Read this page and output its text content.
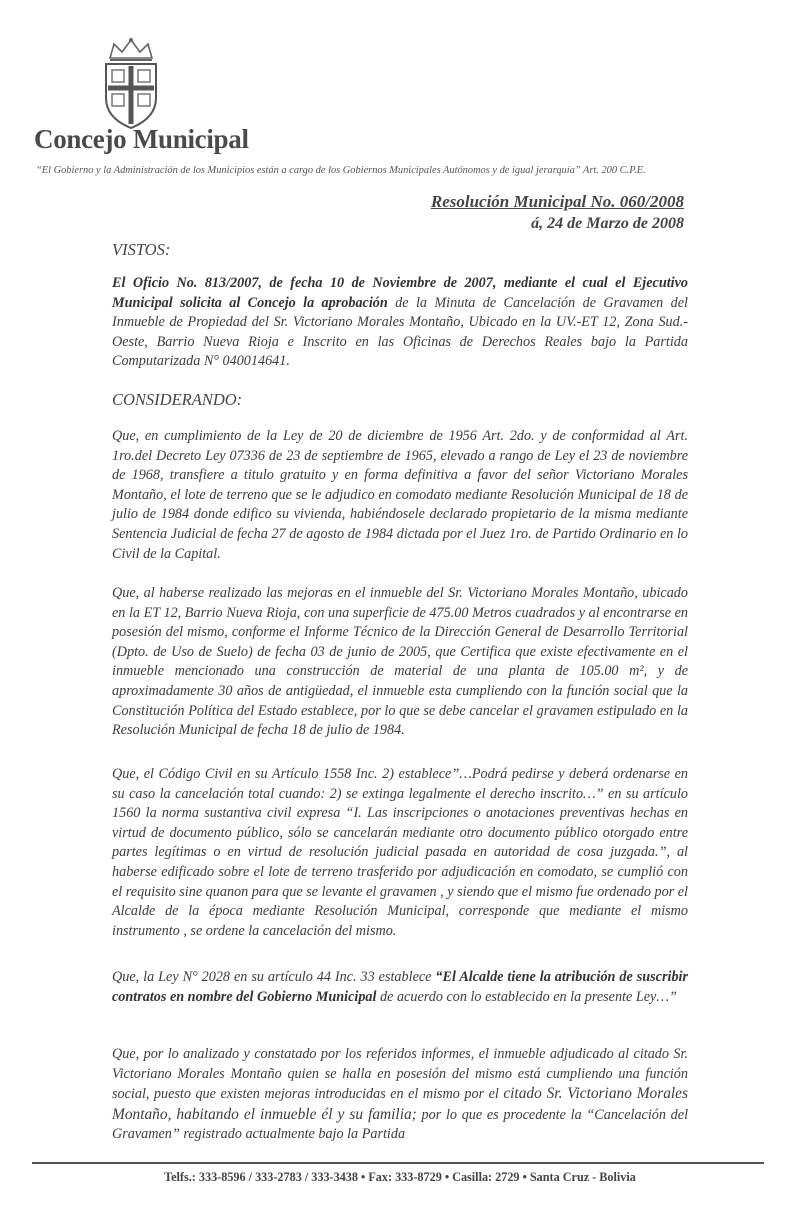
Concejo Municipal

“El Gobierno y la Administración de los Municipios están a cargo de los Gobiernos Municipales Autónomos y de igual jerarquía” Art. 200 C.P.E.

Resolución Municipal No. 060/2008

á, 24 de Marzo de 2008

VISTOS:

El Oficio No. 813/2007, de fecha 10 de Noviembre de 2007, mediante el cual el Ejecutivo Municipal solicita al Concejo la aprobación de la Minuta de Cancelación de Gravamen del Inmueble de Propiedad del Sr. Victoriano Morales Montaño, Ubicado en la UV.-ET 12, Zona Sud.- Oeste, Barrio Nueva Rioja e Inscrito en las Oficinas de Derechos Reales bajo la Partida Computarizada N° 040014641.

CONSIDERANDO:

Que, en cumplimiento de la Ley de 20 de diciembre de 1956 Art. 2do. y de conformidad al Art. 1ro.del Decreto Ley 07336 de 23 de septiembre de 1965, elevado a rango de Ley el 23 de noviembre de 1968, transfiere a titulo gratuito y en forma definitiva a favor del señor Victoriano Morales Montaño, el lote de terreno que se le adjudico en comodato mediante Resolución Municipal de 18 de julio de 1984 donde edifico su vivienda, habiéndosele declarado propietario de la misma mediante Sentencia Judicial de fecha 27 de agosto de 1984 dictada por el Juez 1ro. de Partido Ordinario en lo Civil de la Capital.

Que, al haberse realizado las mejoras en el inmueble del Sr. Victoriano Morales Montaño, ubicado en la ET 12, Barrio Nueva Rioja, con una superficie de 475.00 Metros cuadrados y al encontrarse en posesión del mismo, conforme el Informe Técnico de la Dirección General de Desarrollo Territorial (Dpto. de Uso de Suelo) de fecha 03 de junio de 2005, que Certifica que existe efectivamente en el inmueble mencionado una construcción de material de una planta de 105.00 m², y de aproximadamente 30 años de antigüedad, el inmueble esta cumpliendo con la función social que la Constitución Política del Estado establece, por lo que se debe cancelar el gravamen estipulado en la Resolución Municipal de fecha 18 de julio de 1984.

Que, el Código Civil en su Artículo 1558 Inc. 2) establece”…Podrá pedirse y deberá ordenarse en su caso la cancelación total cuando: 2) se extinga legalmente el derecho inscrito…” en su artículo 1560 la norma sustantiva civil expresa “I. Las inscripciones o anotaciones preventivas hechas en virtud de documento público, sólo se cancelarán mediante otro documento público otorgado entre partes legítimas o en virtud de resolución judicial pasada en autoridad de cosa juzgada.”, al haberse edificado sobre el lote de terreno trasferido por adjudicación en comodato, se cumplió con el requisito sine quanon para que se levante el gravamen , y siendo que el mismo fue ordenado por el Alcalde de la época mediante Resolución Municipal, corresponde que mediante el mismo instrumento , se ordene la cancelación del mismo.

Que, la Ley N° 2028 en su artículo 44 Inc. 33 establece “El Alcalde tiene la atribución de suscribir contratos en nombre del Gobierno Municipal de acuerdo con lo establecido en la presente Ley…”

Que, por lo analizado y constatado por los referidos informes, el inmueble adjudicado al citado Sr. Victoriano Morales Montaño quien se halla en posesión del mismo está cumpliendo una función social, puesto que existen mejoras introducidas en el mismo por el citado Sr. Victoriano Morales Montaño, habitando el inmueble él y su familia; por lo que es procedente la “Cancelación del Gravamen” registrado actualmente bajo la Partida

Telfs.: 333-8596 / 333-2783 / 333-3438 • Fax: 333-8729 • Casilla: 2729 • Santa Cruz - Bolivia
